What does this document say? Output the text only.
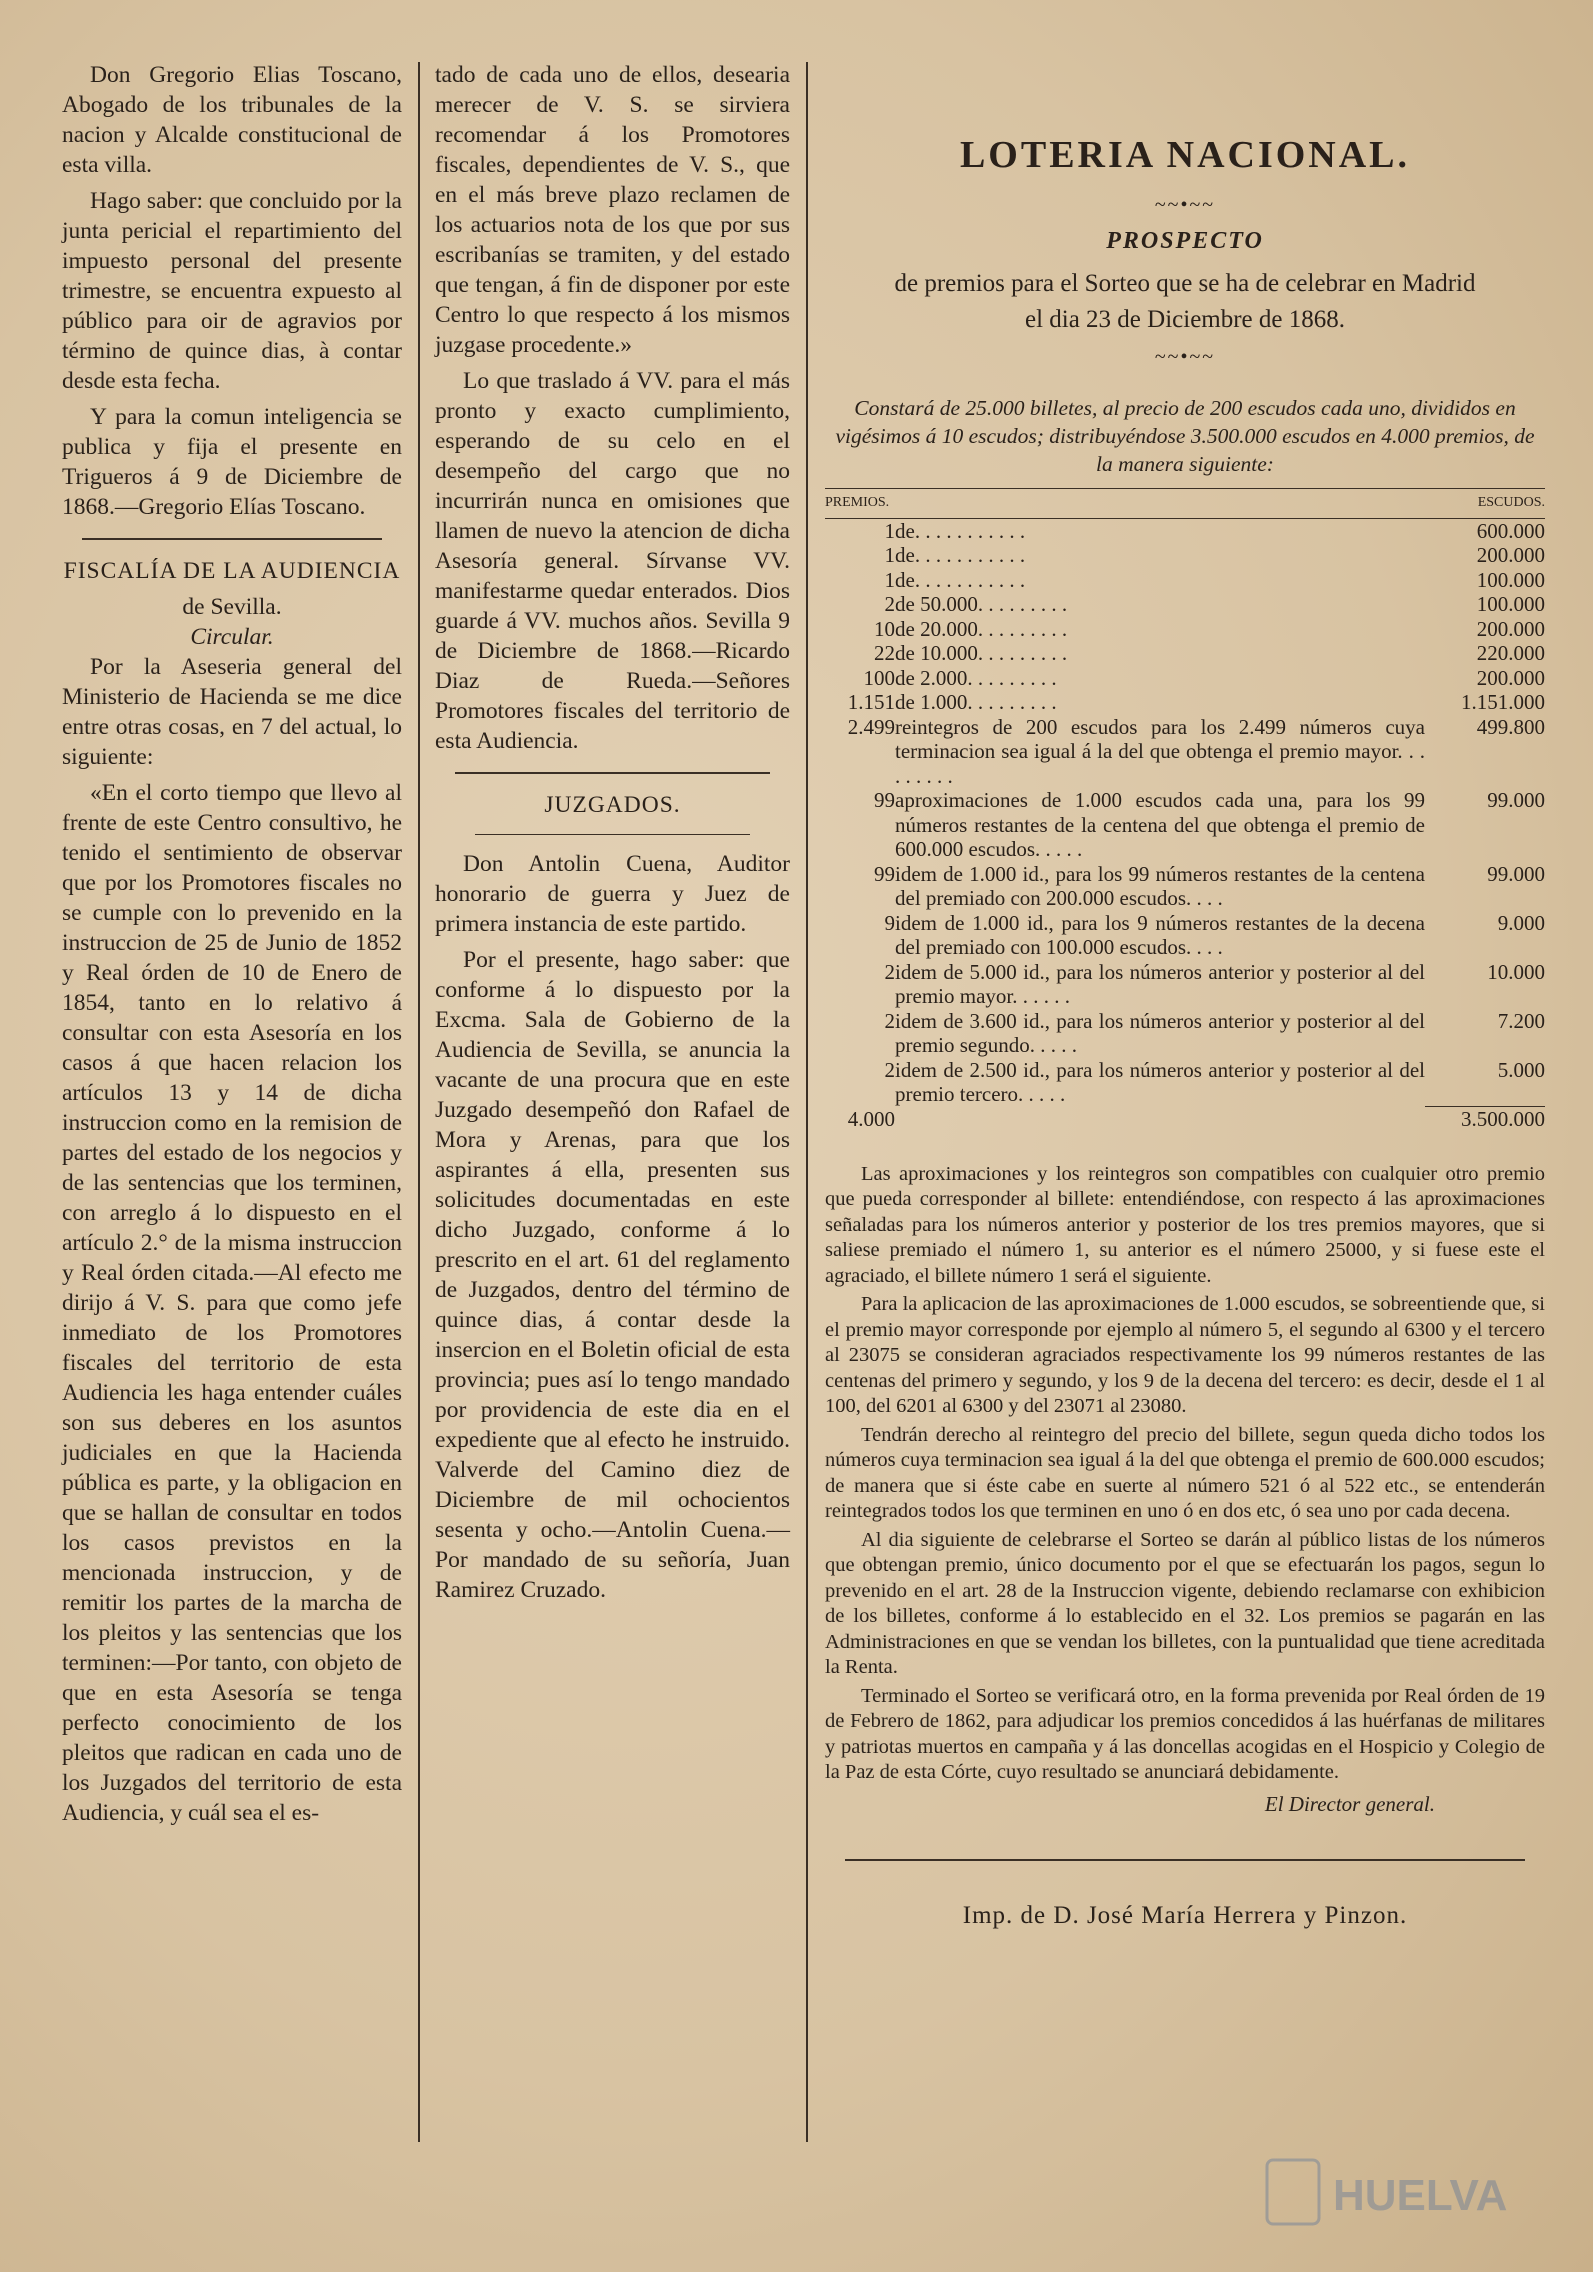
Don Gregorio Elias Toscano, Abogado de los tribunales de la nacion y Alcalde constitucional de esta villa.

Hago saber: que concluido por la junta pericial el repartimiento del impuesto personal del presente trimestre, se encuentra expuesto al público para oir de agravios por término de quince dias, à contar desde esta fecha.

Y para la comun inteligencia se publica y fija el presente en Trigueros á 9 de Diciembre de 1868.—Gregorio Elías Toscano.

FISCALÍA DE LA AUDIENCIA
de Sevilla.
Circular.

Por la Aseseria general del Ministerio de Hacienda se me dice entre otras cosas, en 7 del actual, lo siguiente:

«En el corto tiempo que llevo al frente de este Centro consultivo, he tenido el sentimiento de observar que por los Promotores fiscales no se cumple con lo prevenido en la instruccion de 25 de Junio de 1852 y Real órden de 10 de Enero de 1854, tanto en lo relativo á consultar con esta Asesoría en los casos á que hacen relacion los artículos 13 y 14 de dicha instruccion como en la remision de partes del estado de los negocios y de las sentencias que los terminen, con arreglo á lo dispuesto en el artículo 2.° de la misma instruccion y Real órden citada.—Al efecto me dirijo á V. S. para que como jefe inmediato de los Promotores fiscales del territorio de esta Audiencia les haga entender cuáles son sus deberes en los asuntos judiciales en que la Hacienda pública es parte, y la obligacion en que se hallan de consultar en todos los casos previstos en la mencionada instruccion, y de remitir los partes de la marcha de los pleitos y las sentencias que los terminen:—Por tanto, con objeto de que en esta Asesoría se tenga perfecto conocimiento de los pleitos que radican en cada uno de los Juzgados del territorio de esta Audiencia, y cuál sea el es-

tado de cada uno de ellos, desearia merecer de V. S. se sirviera recomendar á los Promotores fiscales, dependientes de V. S., que en el más breve plazo reclamen de los actuarios nota de los que por sus escribanías se tramiten, y del estado que tengan, á fin de disponer por este Centro lo que respecto á los mismos juzgase procedente.»

Lo que traslado á VV. para el más pronto y exacto cumplimiento, esperando de su celo en el desempeño del cargo que no incurrirán nunca en omisiones que llamen de nuevo la atencion de dicha Asesoría general. Sírvanse VV. manifestarme quedar enterados. Dios guarde á VV. muchos años. Sevilla 9 de Diciembre de 1868.—Ricardo Diaz de Rueda.—Señores Promotores fiscales del territorio de esta Audiencia.

JUZGADOS.

Don Antolin Cuena, Auditor honorario de guerra y Juez de primera instancia de este partido.

Por el presente, hago saber: que conforme á lo dispuesto por la Excma. Sala de Gobierno de la Audiencia de Sevilla, se anuncia la vacante de una procura que en este Juzgado desempeñó don Rafael de Mora y Arenas, para que los aspirantes á ella, presenten sus solicitudes documentadas en este dicho Juzgado, conforme á lo prescrito en el art. 61 del reglamento de Juzgados, dentro del término de quince dias, á contar desde la insercion en el Boletin oficial de esta provincia; pues así lo tengo mandado por providencia de este dia en el expediente que al efecto he instruido. Valverde del Camino diez de Diciembre de mil ochocientos sesenta y ocho.—Antolin Cuena.—Por mandado de su señoría, Juan Ramirez Cruzado.

LOTERIA NACIONAL.
~~•~~
PROSPECTO
de premios para el Sorteo que se ha de celebrar en Madrid
el dia 23 de Diciembre de 1868.
~~•~~
Constará de 25.000 billetes, al precio de 200 escudos cada uno, divididos en vigésimos á 10 escudos; distribuyéndose 3.500.000 escudos en 4.000 premios, de la manera siguiente:
PREMIOS.		ESCUDOS.
1	de. . . . . . . . . . .	600.000
1	de. . . . . . . . . . .	200.000
1	de. . . . . . . . . . .	100.000
2	de 50.000. . . . . . . . .	100.000
10	de 20.000. . . . . . . . .	200.000
22	de 10.000. . . . . . . . .	220.000
100	de 2.000. . . . . . . . .	200.000
1.151	de 1.000. . . . . . . . .	1.151.000
2.499	reintegros de 200 escudos para los 2.499 números cuya terminacion sea igual á la del que obtenga el premio mayor. . . . . . . . .	499.800
99	aproximaciones de 1.000 escudos cada una, para los 99 números restantes de la centena del que obtenga el premio de 600.000 escudos. . . . .	99.000
99	idem de 1.000 id., para los 99 números restantes de la centena del premiado con 200.000 escudos. . . .	99.000
9	idem de 1.000 id., para los 9 números restantes de la decena del premiado con 100.000 escudos. . . .	9.000
2	idem de 5.000 id., para los números anterior y posterior al del premio mayor. . . . . .	10.000
2	idem de 3.600 id., para los números anterior y posterior al del premio segundo. . . . .	7.200
2	idem de 2.500 id., para los números anterior y posterior al del premio tercero. . . . .	5.000
4.000		3.500.000

Las aproximaciones y los reintegros son compatibles con cualquier otro premio que pueda corresponder al billete: entendiéndose, con respecto á las aproximaciones señaladas para los números anterior y posterior de los tres premios mayores, que si saliese premiado el número 1, su anterior es el número 25000, y si fuese este el agraciado, el billete número 1 será el siguiente.

Para la aplicacion de las aproximaciones de 1.000 escudos, se sobreentiende que, si el premio mayor corresponde por ejemplo al número 5, el segundo al 6300 y el tercero al 23075 se consideran agraciados respectivamente los 99 números restantes de las centenas del primero y segundo, y los 9 de la decena del tercero: es decir, desde el 1 al 100, del 6201 al 6300 y del 23071 al 23080.

Tendrán derecho al reintegro del precio del billete, segun queda dicho todos los números cuya terminacion sea igual á la del que obtenga el premio de 600.000 escudos; de manera que si éste cabe en suerte al número 521 ó al 522 etc., se entenderán reintegrados todos los que terminen en uno ó en dos etc, ó sea uno por cada decena.

Al dia siguiente de celebrarse el Sorteo se darán al público listas de los números que obtengan premio, único documento por el que se efectuarán los pagos, segun lo prevenido en el art. 28 de la Instruccion vigente, debiendo reclamarse con exhibicion de los billetes, conforme á lo establecido en el 32. Los premios se pagarán en las Administraciones en que se vendan los billetes, con la puntualidad que tiene acreditada la Renta.

Terminado el Sorteo se verificará otro, en la forma prevenida por Real órden de 19 de Febrero de 1862, para adjudicar los premios concedidos á las huérfanas de militares y patriotas muertos en campaña y á las doncellas acogidas en el Hospicio y Colegio de la Paz de esta Córte, cuyo resultado se anunciará debidamente.

El Director general.
Imp. de D. José María Herrera y Pinzon.
HUELVA
